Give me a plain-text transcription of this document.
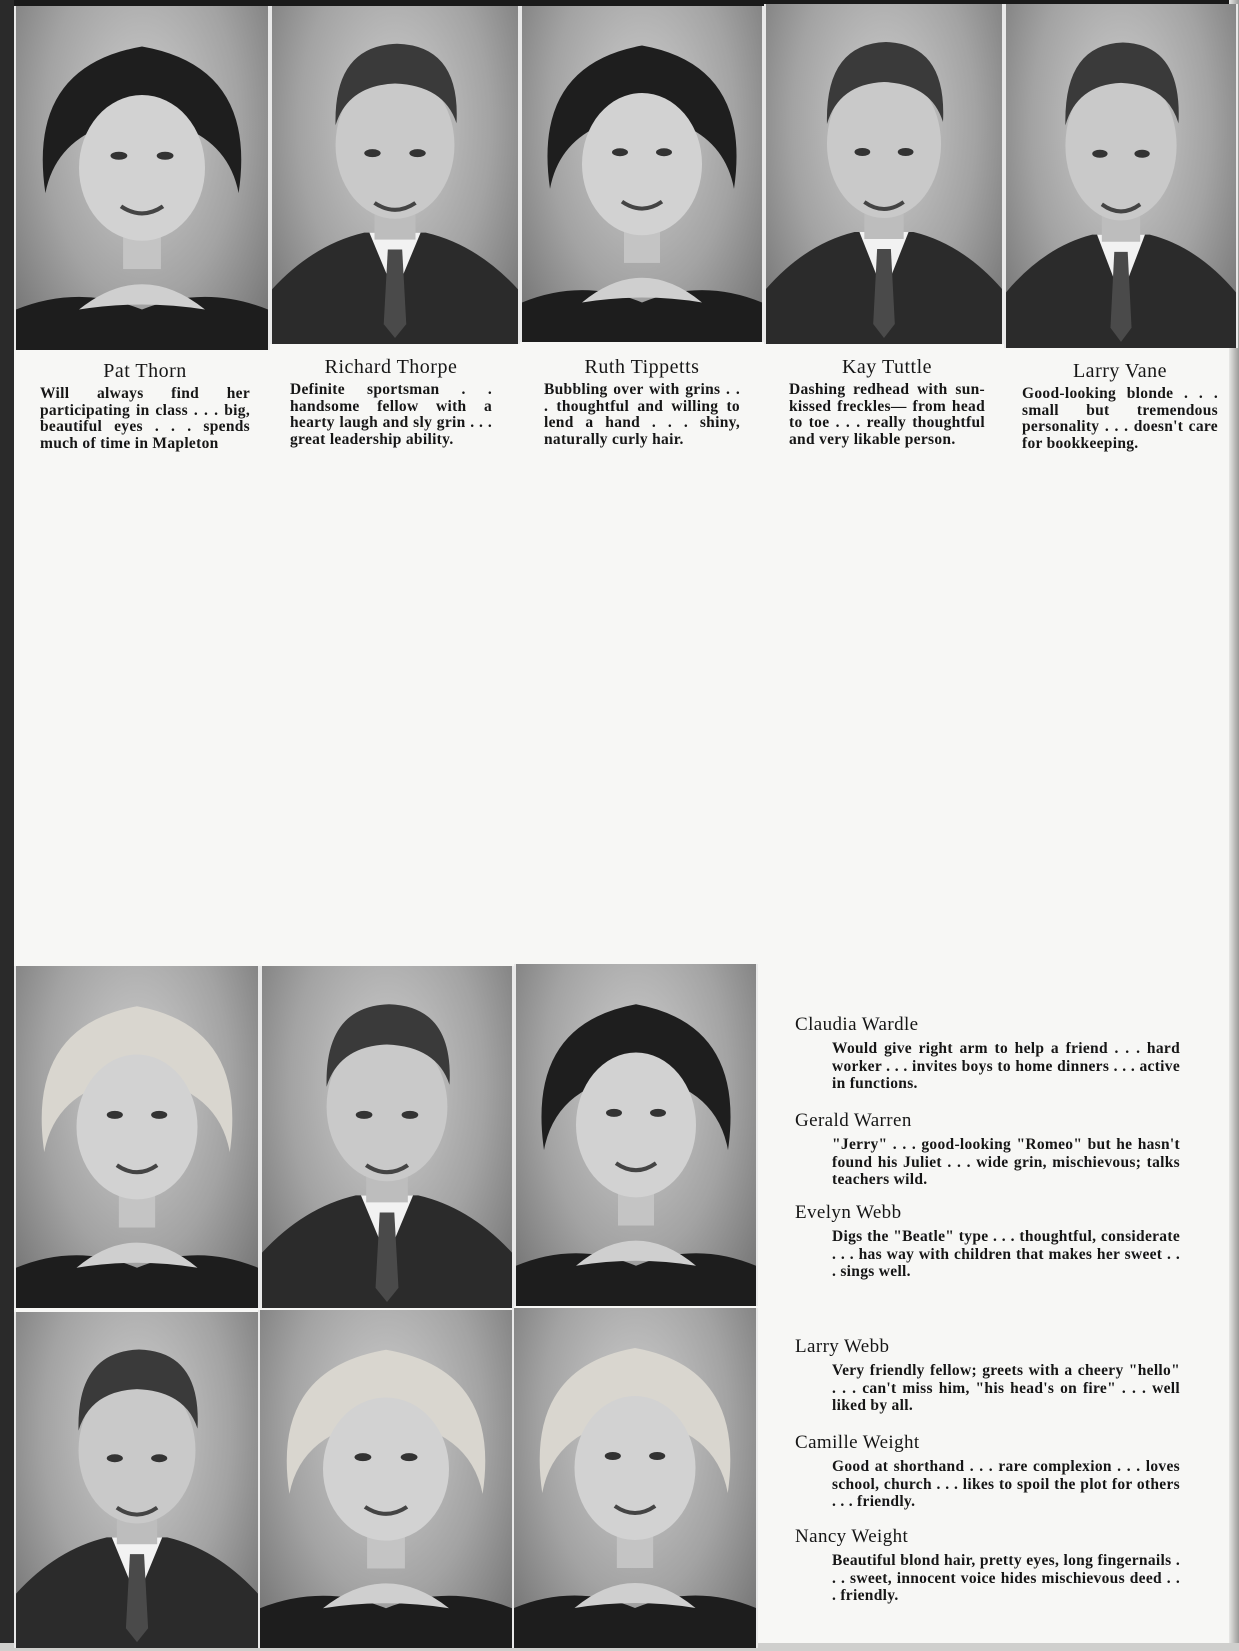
Pat Thorn
Will always find her participating in class . . . big, beautiful eyes . . . spends much of time in Mapleton
Richard Thorpe
Definite sportsman . . handsome fellow with a hearty laugh and sly grin . . . great leadership ability.
Ruth Tippetts
Bubbling over with grins . . . thoughtful and willing to lend a hand . . . shiny, naturally curly hair.
Kay Tuttle
Dashing redhead with sun-kissed freckles— from head to toe . . . really thoughtful and very likable person.
Larry Vane
Good-looking blonde . . . small but tremendous personality . . . doesn't care for bookkeeping.
Claudia Wardle
Would give right arm to help a friend . . . hard worker . . . invites boys to home dinners . . . active in functions.
Gerald Warren
"Jerry" . . . good-looking "Romeo" but he hasn't found his Juliet . . . wide grin, mischievous; talks teachers wild.
Evelyn Webb
Digs the "Beatle" type . . . thoughtful, considerate . . . has way with children that makes her sweet . . . sings well.
Larry Webb
Very friendly fellow; greets with a cheery "hello" . . . can't miss him, "his head's on fire" . . . well liked by all.
Camille Weight
Good at shorthand . . . rare complexion . . . loves school, church . . . likes to spoil the plot for others . . . friendly.
Nancy Weight
Beautiful blond hair, pretty eyes, long fingernails . . . sweet, innocent voice hides mischievous deed . . . friendly.
